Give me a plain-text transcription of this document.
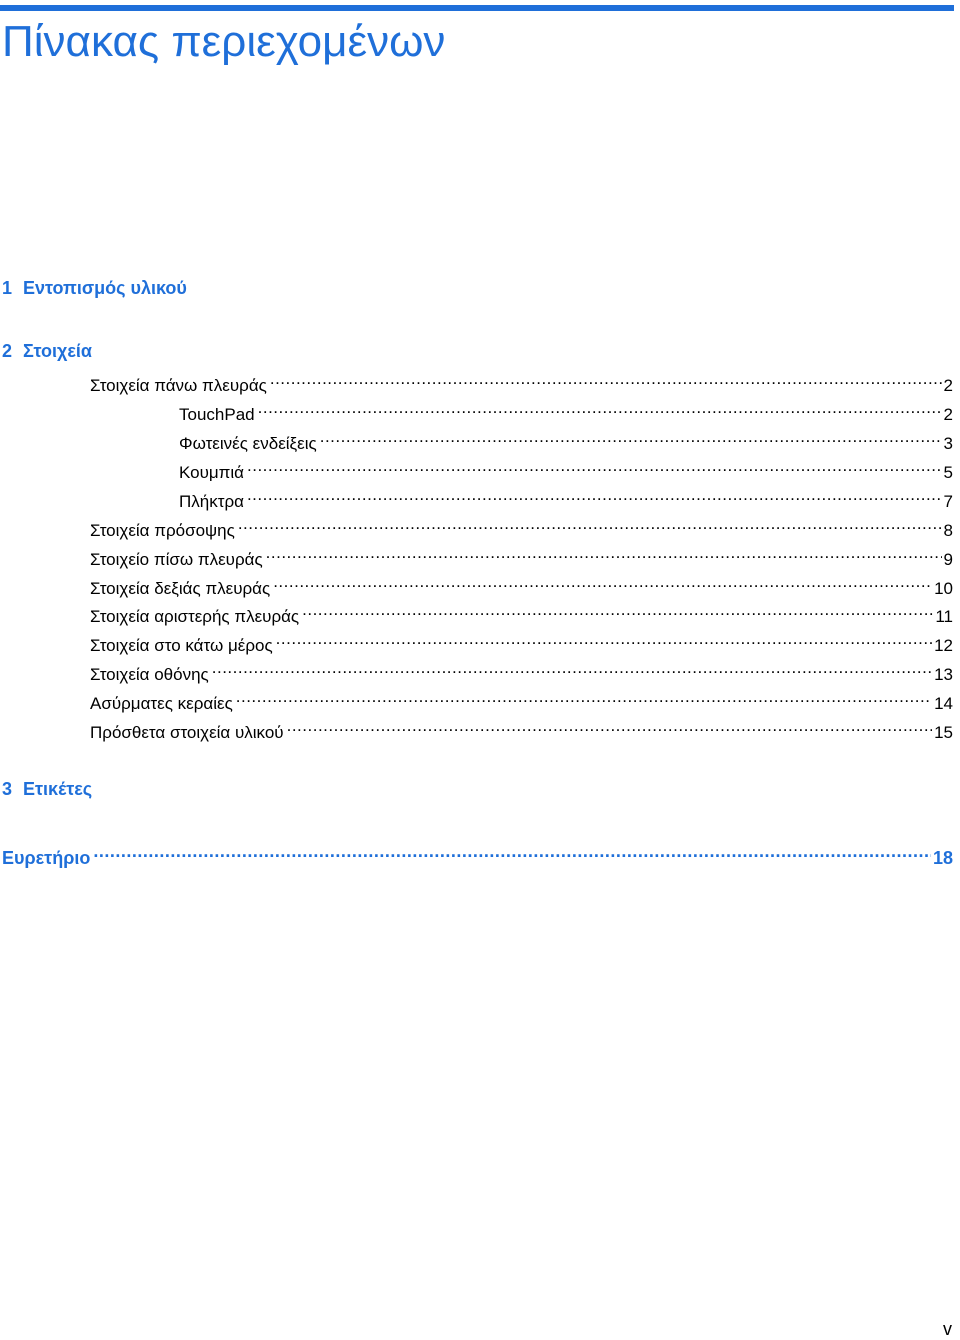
Πίνακας περιεχομένων
1 Εντοπισμός υλικού
2 Στοιχεία
Στοιχεία πάνω πλευράς .....	2
TouchPad .....	2
Φωτεινές ενδείξεις .....	3
Κουμπιά .....	5
Πλήκτρα .....	7
Στοιχεία πρόσοψης .....	8
Στοιχείο πίσω πλευράς .....	9
Στοιχεία δεξιάς πλευράς .....	10
Στοιχεία αριστερής πλευράς .....	11
Στοιχεία στο κάτω μέρος .....	12
Στοιχεία οθόνης .....	13
Ασύρματες κεραίες .....	14
Πρόσθετα στοιχεία υλικού .....	15
3 Ετικέτες
Ευρετήριο .....	18
v
